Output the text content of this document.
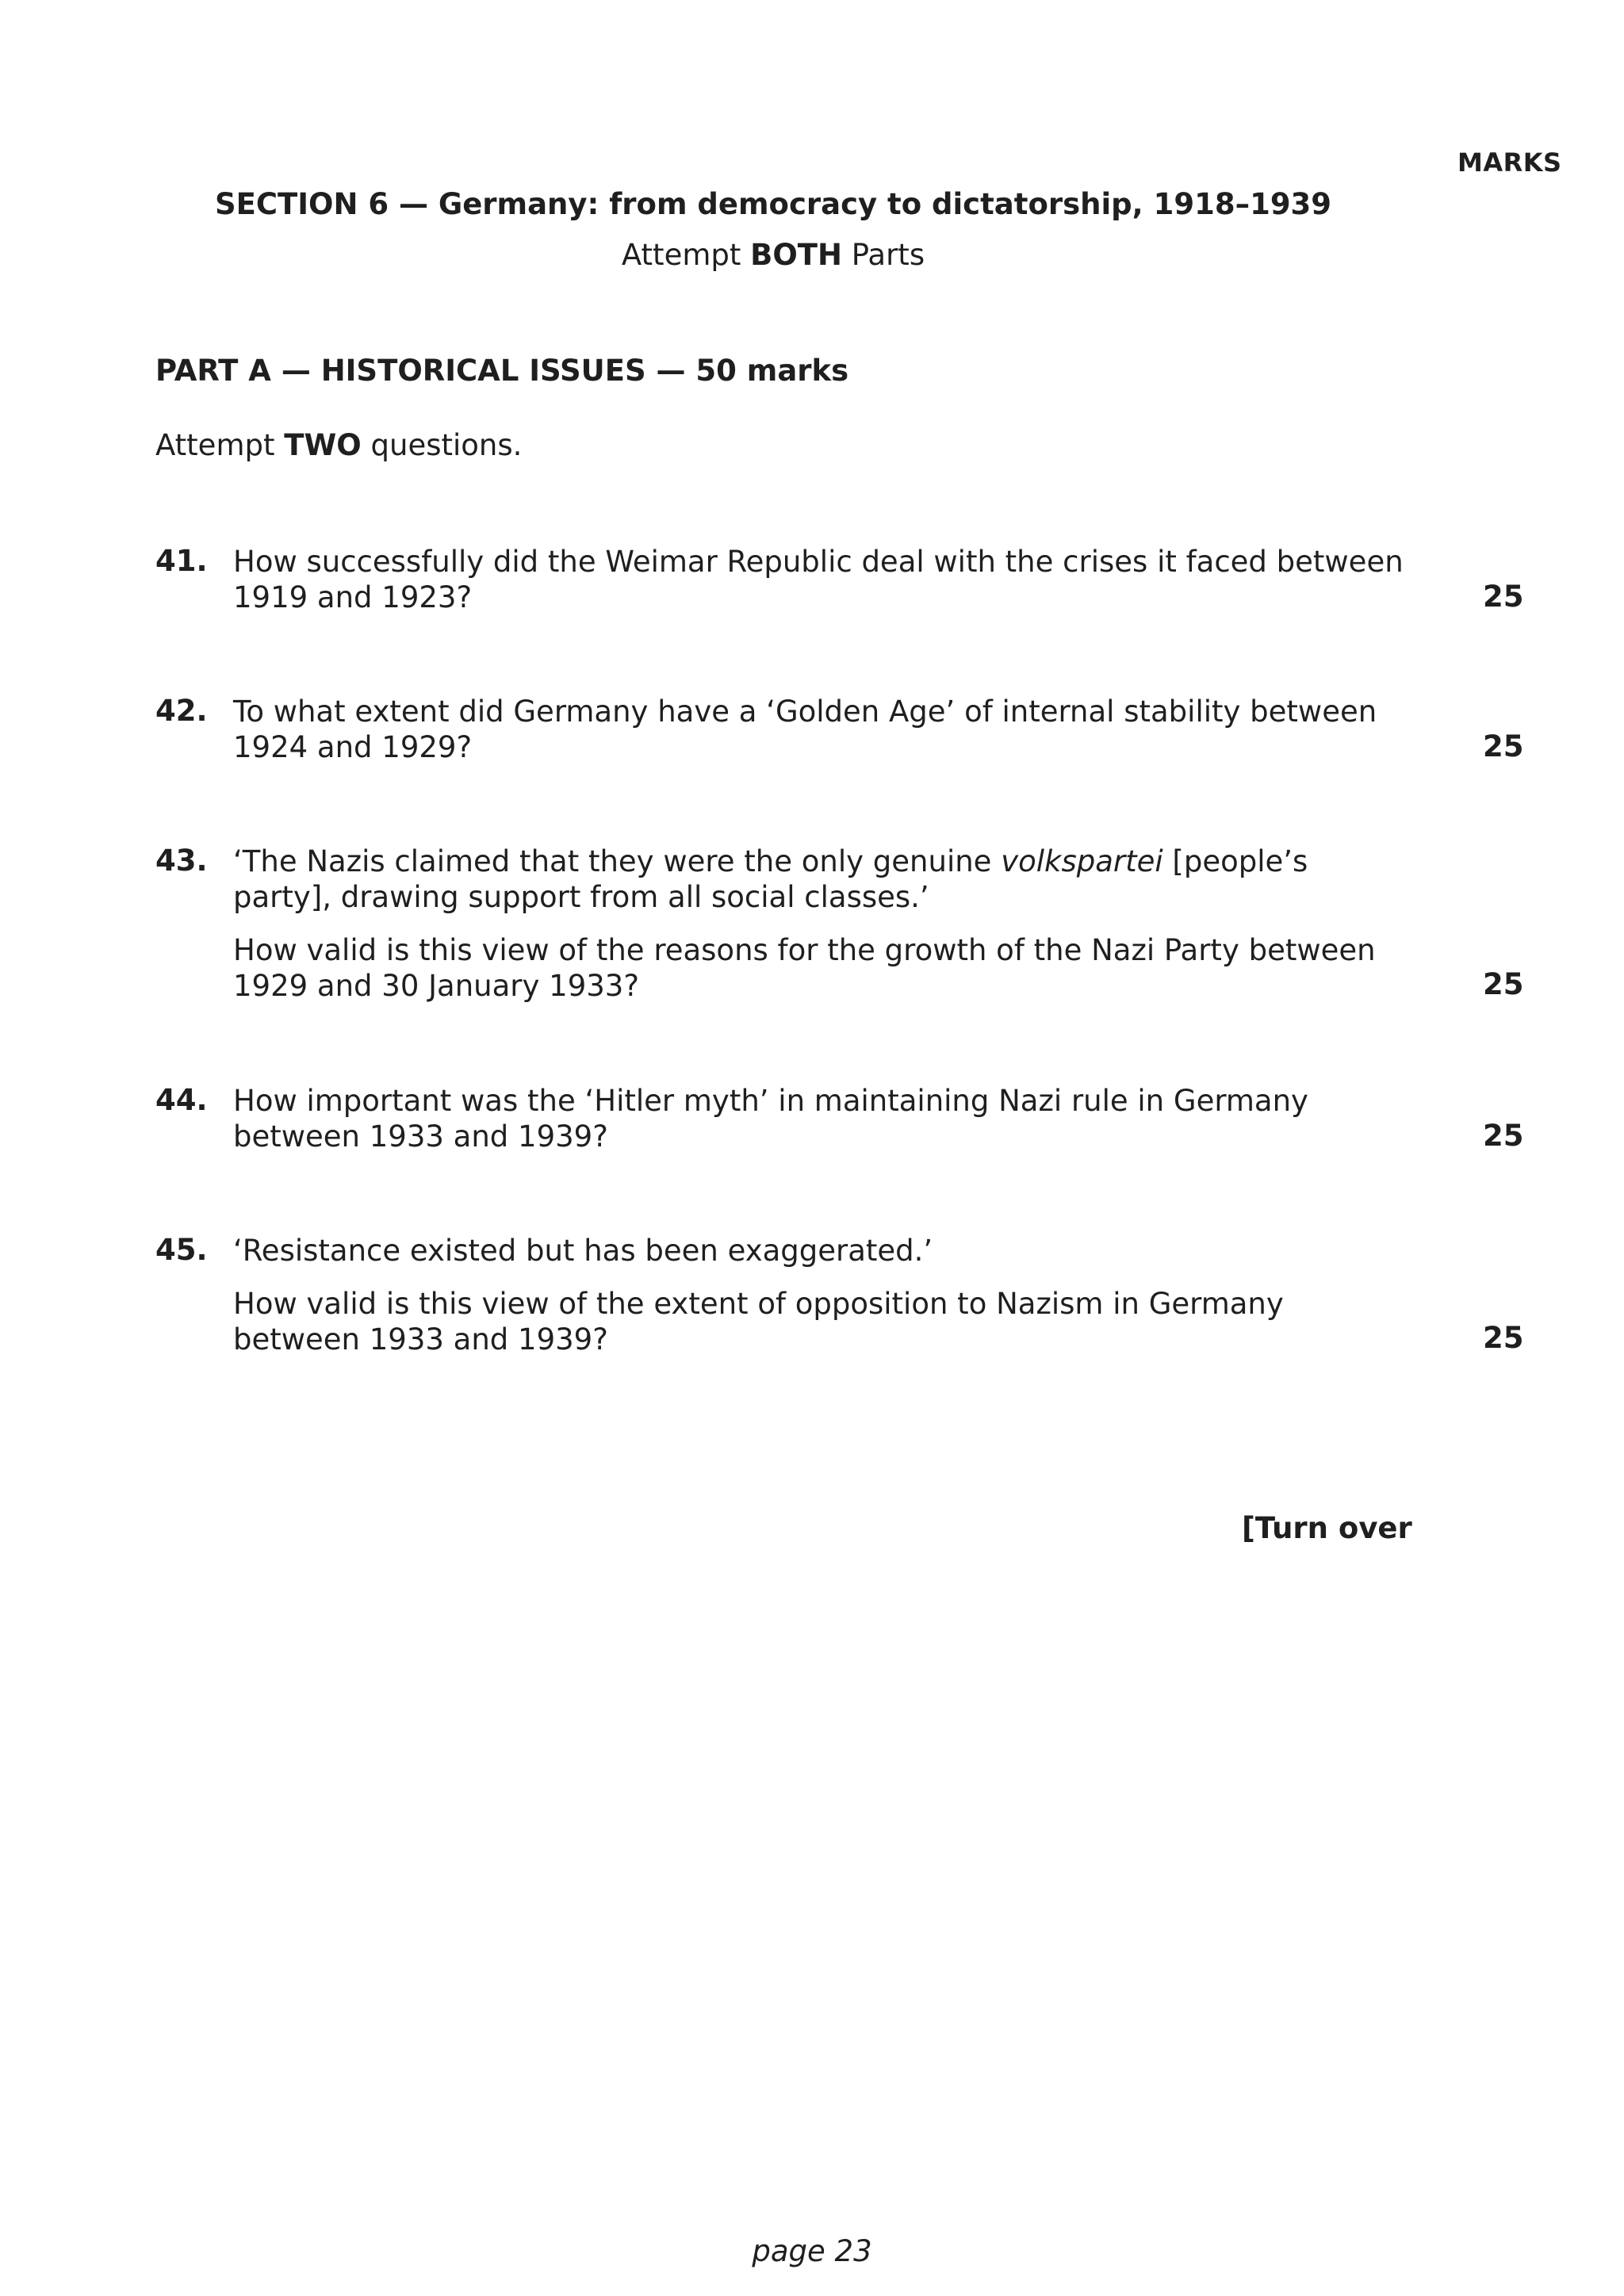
MARKS
SECTION 6 — Germany: from democracy to dictatorship, 1918–1939
Attempt BOTH Parts
PART A — HISTORICAL ISSUES — 50 marks
Attempt TWO questions.
41. How successfully did the Weimar Republic deal with the crises it faced between 1919 and 1923?	25
42. To what extent did Germany have a ‘Golden Age’ of internal stability between 1924 and 1929?	25
43. ‘The Nazis claimed that they were the only genuine volkspartei [people’s party], drawing support from all social classes.’

How valid is this view of the reasons for the growth of the Nazi Party between 1929 and 30 January 1933?	25
44. How important was the ‘Hitler myth’ in maintaining Nazi rule in Germany between 1933 and 1939?	25
45. ‘Resistance existed but has been exaggerated.’

How valid is this view of the extent of opposition to Nazism in Germany between 1933 and 1939?	25
[Turn over
page 23
